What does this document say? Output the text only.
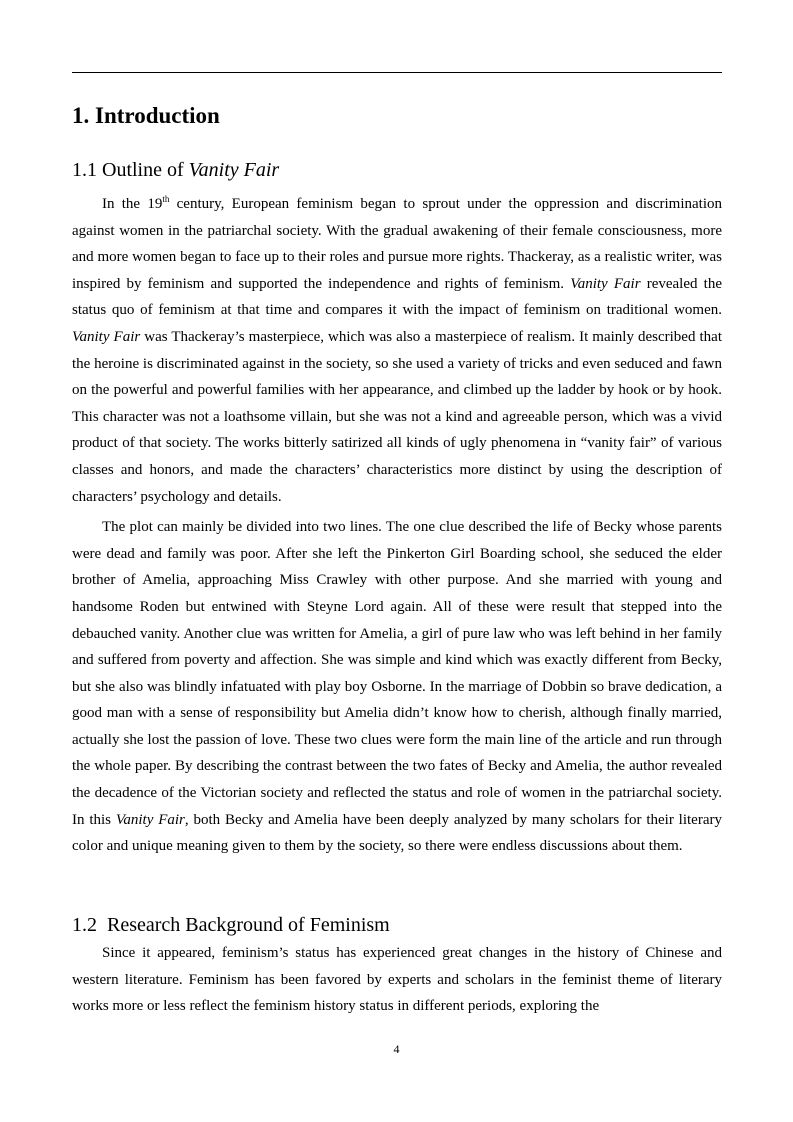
1. Introduction
1.1 Outline of Vanity Fair

In the 19th century, European feminism began to sprout under the oppression and discrimination against women in the patriarchal society. With the gradual awakening of their female consciousness, more and more women began to face up to their roles and pursue more rights. Thackeray, as a realistic writer, was inspired by feminism and supported the independence and rights of feminism. Vanity Fair revealed the status quo of feminism at that time and compares it with the impact of feminism on traditional women. Vanity Fair was Thackeray’s masterpiece, which was also a masterpiece of realism. It mainly described that the heroine is discriminated against in the society, so she used a variety of tricks and even seduced and fawn on the powerful and powerful families with her appearance, and climbed up the ladder by hook or by hook. This character was not a loathsome villain, but she was not a kind and agreeable person, which was a vivid product of that society. The works bitterly satirized all kinds of ugly phenomena in “vanity fair” of various classes and honors, and made the characters’ characteristics more distinct by using the description of characters’ psychology and details.

The plot can mainly be divided into two lines. The one clue described the life of Becky whose parents were dead and family was poor. After she left the Pinkerton Girl Boarding school, she seduced the elder brother of Amelia, approaching Miss Crawley with other purpose. And she married with young and handsome Roden but entwined with Steyne Lord again. All of these were result that stepped into the debauched vanity. Another clue was written for Amelia, a girl of pure law who was left behind in her family and suffered from poverty and affection. She was simple and kind which was exactly different from Becky, but she also was blindly infatuated with play boy Osborne. In the marriage of Dobbin so brave dedication, a good man with a sense of responsibility but Amelia didn’t know how to cherish, although finally married, actually she lost the passion of love. These two clues were form the main line of the article and run through the whole paper. By describing the contrast between the two fates of Becky and Amelia, the author revealed the decadence of the Victorian society and reflected the status and role of women in the patriarchal society. In this Vanity Fair, both Becky and Amelia have been deeply analyzed by many scholars for their literary color and unique meaning given to them by the society, so there were endless discussions about them.

1.2 Research Background of Feminism

Since it appeared, feminism’s status has experienced great changes in the history of Chinese and western literature. Feminism has been favored by experts and scholars in the feminist theme of literary works more or less reflect the feminism history status in different periods, exploring the

4
